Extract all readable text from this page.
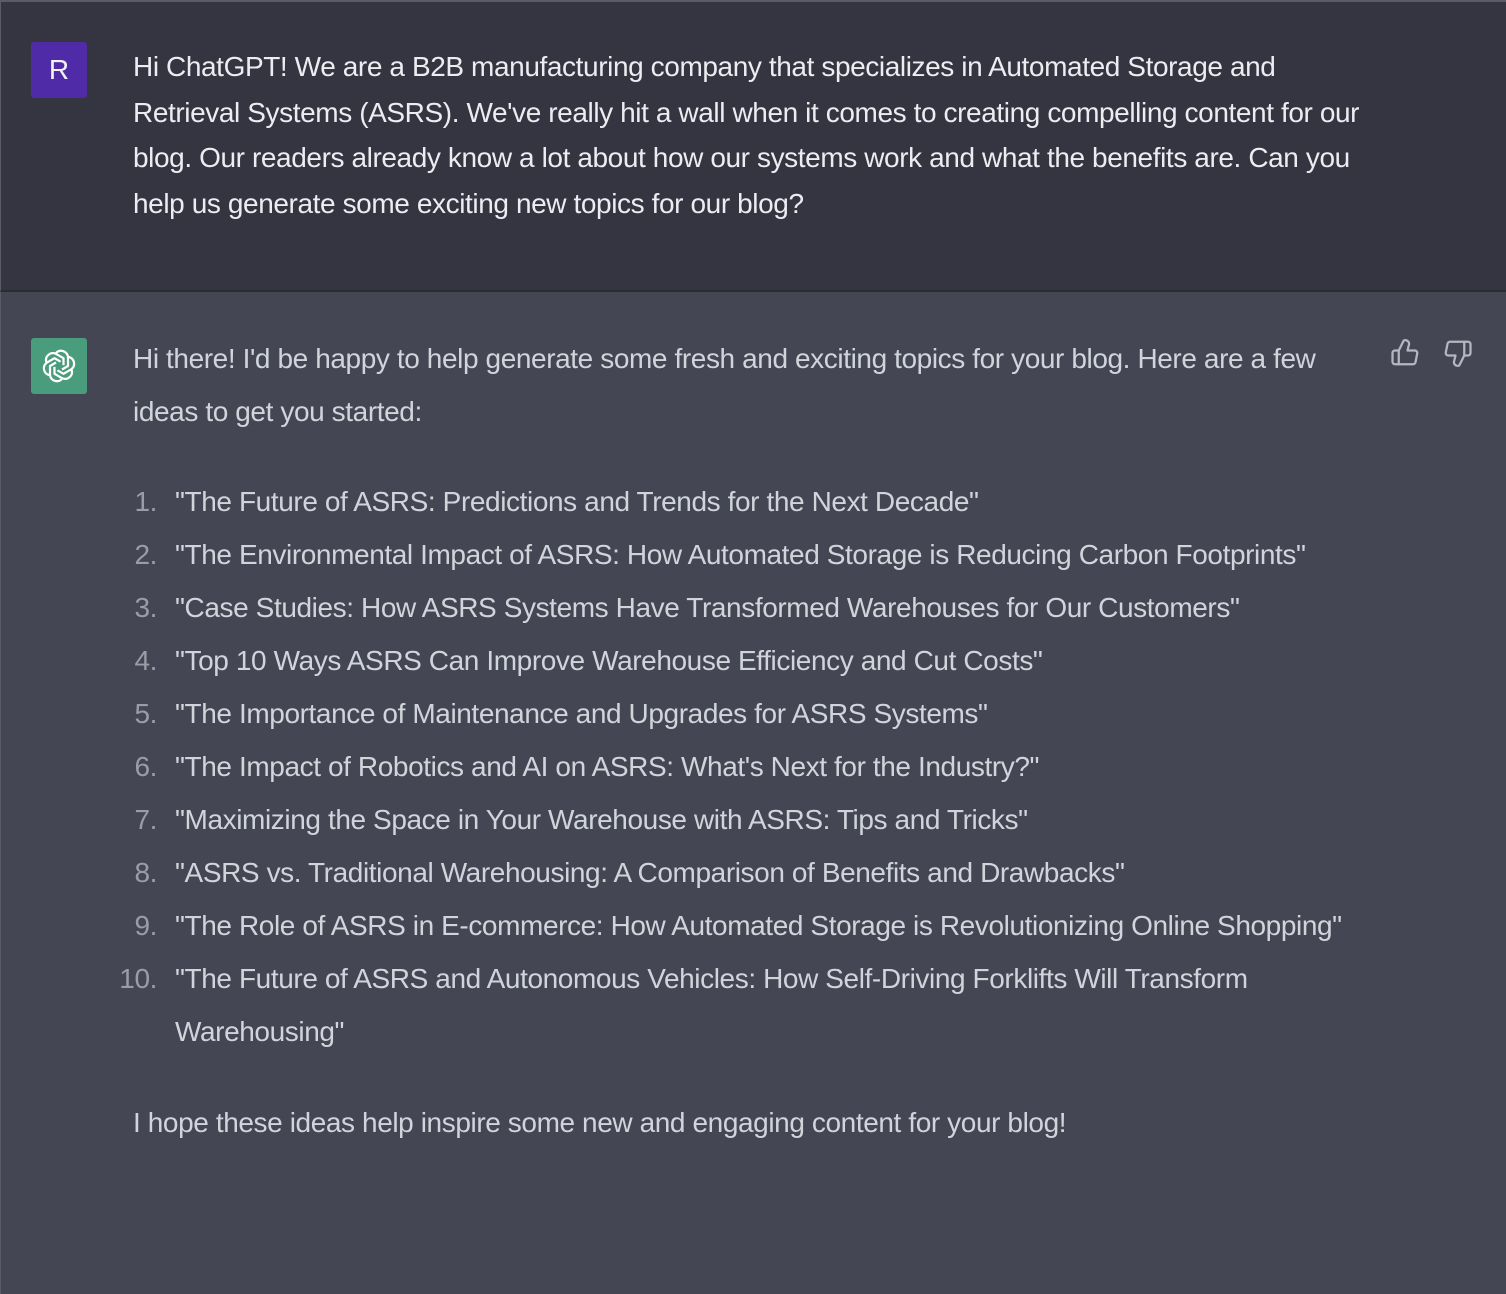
R Hi ChatGPT! We are a B2B manufacturing company that specializes in Automated Storage and Retrieval Systems (ASRS). We've really hit a wall when it comes to creating compelling content for our blog. Our readers already know a lot about how our systems work and what the benefits are. Can you help us generate some exciting new topics for our blog?

Hi there! I'd be happy to help generate some fresh and exciting topics for your blog. Here are a few ideas to get you started:

1. "The Future of ASRS: Predictions and Trends for the Next Decade"
2. "The Environmental Impact of ASRS: How Automated Storage is Reducing Carbon Footprints"
3. "Case Studies: How ASRS Systems Have Transformed Warehouses for Our Customers"
4. "Top 10 Ways ASRS Can Improve Warehouse Efficiency and Cut Costs"
5. "The Importance of Maintenance and Upgrades for ASRS Systems"
6. "The Impact of Robotics and AI on ASRS: What's Next for the Industry?"
7. "Maximizing the Space in Your Warehouse with ASRS: Tips and Tricks"
8. "ASRS vs. Traditional Warehousing: A Comparison of Benefits and Drawbacks"
9. "The Role of ASRS in E-commerce: How Automated Storage is Revolutionizing Online Shopping"
10. "The Future of ASRS and Autonomous Vehicles: How Self-Driving Forklifts Will Transform Warehousing"

I hope these ideas help inspire some new and engaging content for your blog!
